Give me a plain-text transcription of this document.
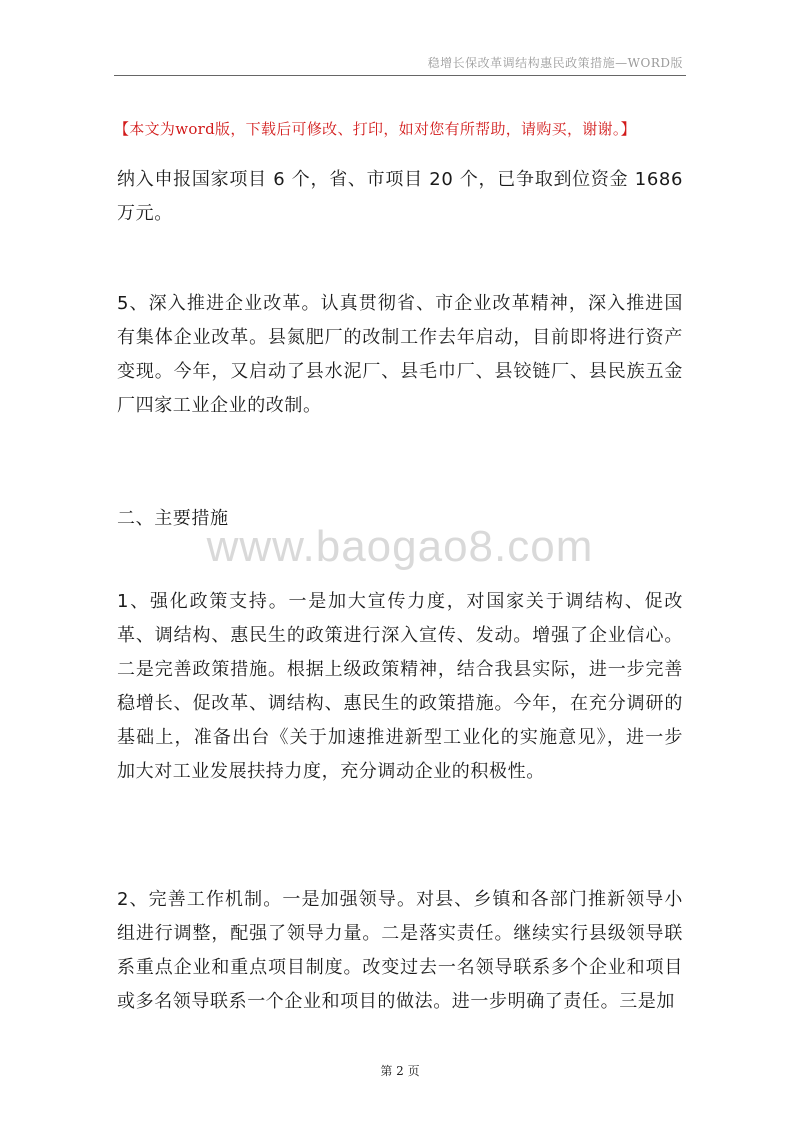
稳增长保改革调结构惠民政策措施—WORD版
【本文为word版，下载后可修改、打印，如对您有所帮助，请购买，谢谢。】

纳入申报国家项目 6 个，省、市项目 20 个，已争取到位资金 1686 万元。

5、深入推进企业改革。认真贯彻省、市企业改革精神，深入推进国有集体企业改革。县氮肥厂的改制工作去年启动，目前即将进行资产变现。今年，又启动了县水泥厂、县毛巾厂、县铰链厂、县民族五金厂四家工业企业的改制。

二、主要措施

1、强化政策支持。一是加大宣传力度，对国家关于调结构、促改革、调结构、惠民生的政策进行深入宣传、发动。增强了企业信心。二是完善政策措施。根据上级政策精神，结合我县实际，进一步完善稳增长、促改革、调结构、惠民生的政策措施。今年，在充分调研的基础上，准备出台《关于加速推进新型工业化的实施意见》，进一步加大对工业发展扶持力度，充分调动企业的积极性。

2、完善工作机制。一是加强领导。对县、乡镇和各部门推新领导小组进行调整，配强了领导力量。二是落实责任。继续实行县级领导联系重点企业和重点项目制度。改变过去一名领导联系多个企业和项目或多名领导联系一个企业和项目的做法。进一步明确了责任。三是加

www.baogao8.com
第 2 页
